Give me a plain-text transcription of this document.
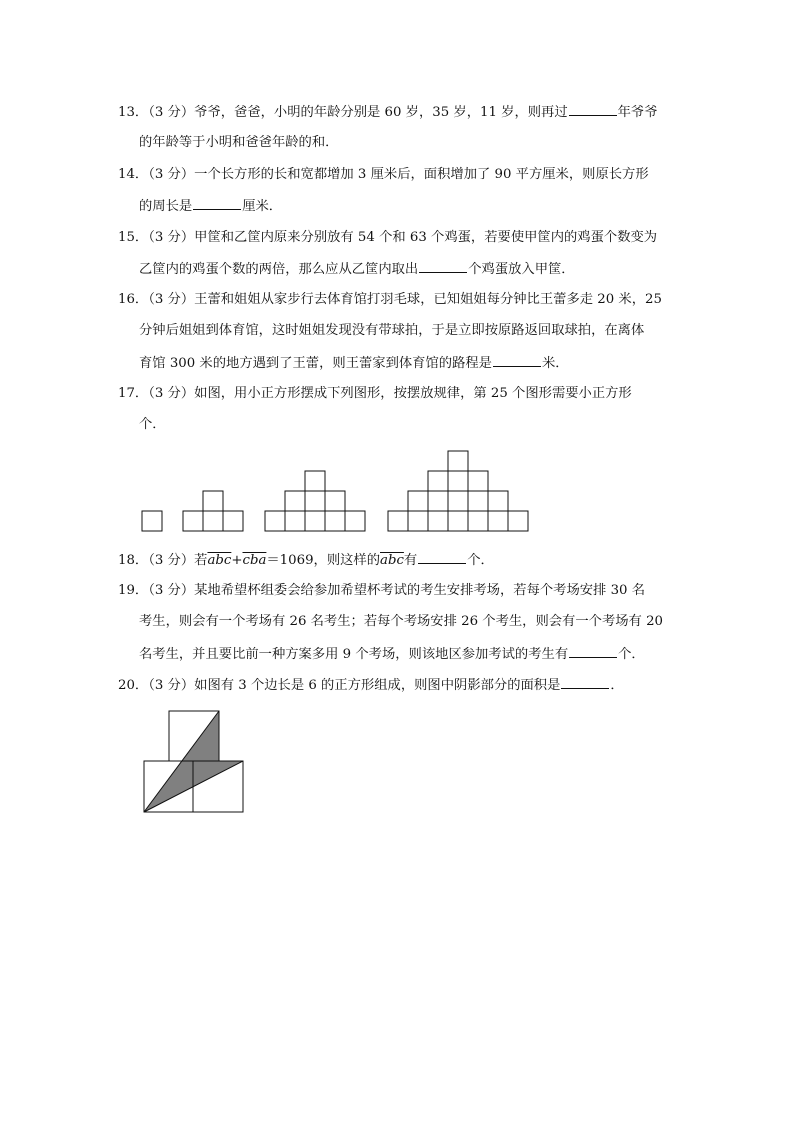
13．（3 分）爷爷，爸爸，小明的年龄分别是 60 岁，35 岁，11 岁，则再过	年爷爷
的年龄等于小明和爸爸年龄的和．
14．（3 分）一个长方形的长和宽都增加 3 厘米后，面积增加了 90 平方厘米，则原长方形
的周长是	厘米．
15．（3 分）甲筐和乙筐内原来分别放有 54 个和 63 个鸡蛋，若要使甲筐内的鸡蛋个数变为
乙筐内的鸡蛋个数的两倍，那么应从乙筐内取出	个鸡蛋放入甲筐．
16．（3 分）王蕾和姐姐从家步行去体育馆打羽毛球，已知姐姐每分钟比王蕾多走 20 米，25
分钟后姐姐到体育馆，这时姐姐发现没有带球拍，于是立即按原路返回取球拍，在离体
育馆 300 米的地方遇到了王蕾，则王蕾家到体育馆的路程是	米．
17．（3 分）如图，用小正方形摆成下列图形，按摆放规律，第 25 个图形需要小正方形
个．
18．（3 分）若$\overline{abc}+\overline{cba}=1069$，则这样的$\overline{abc}$有	个．
19．（3 分）某地希望杯组委会给参加希望杯考试的考生安排考场，若每个考场安排 30 名
考生，则会有一个考场有 26 名考生；若每个考场安排 26 个考生，则会有一个考场有 20
名考生，并且要比前一种方案多用 9 个考场，则该地区参加考试的考生有	个．
20．（3 分）如图有 3 个边长是 6 的正方形组成，则图中阴影部分的面积是	．
